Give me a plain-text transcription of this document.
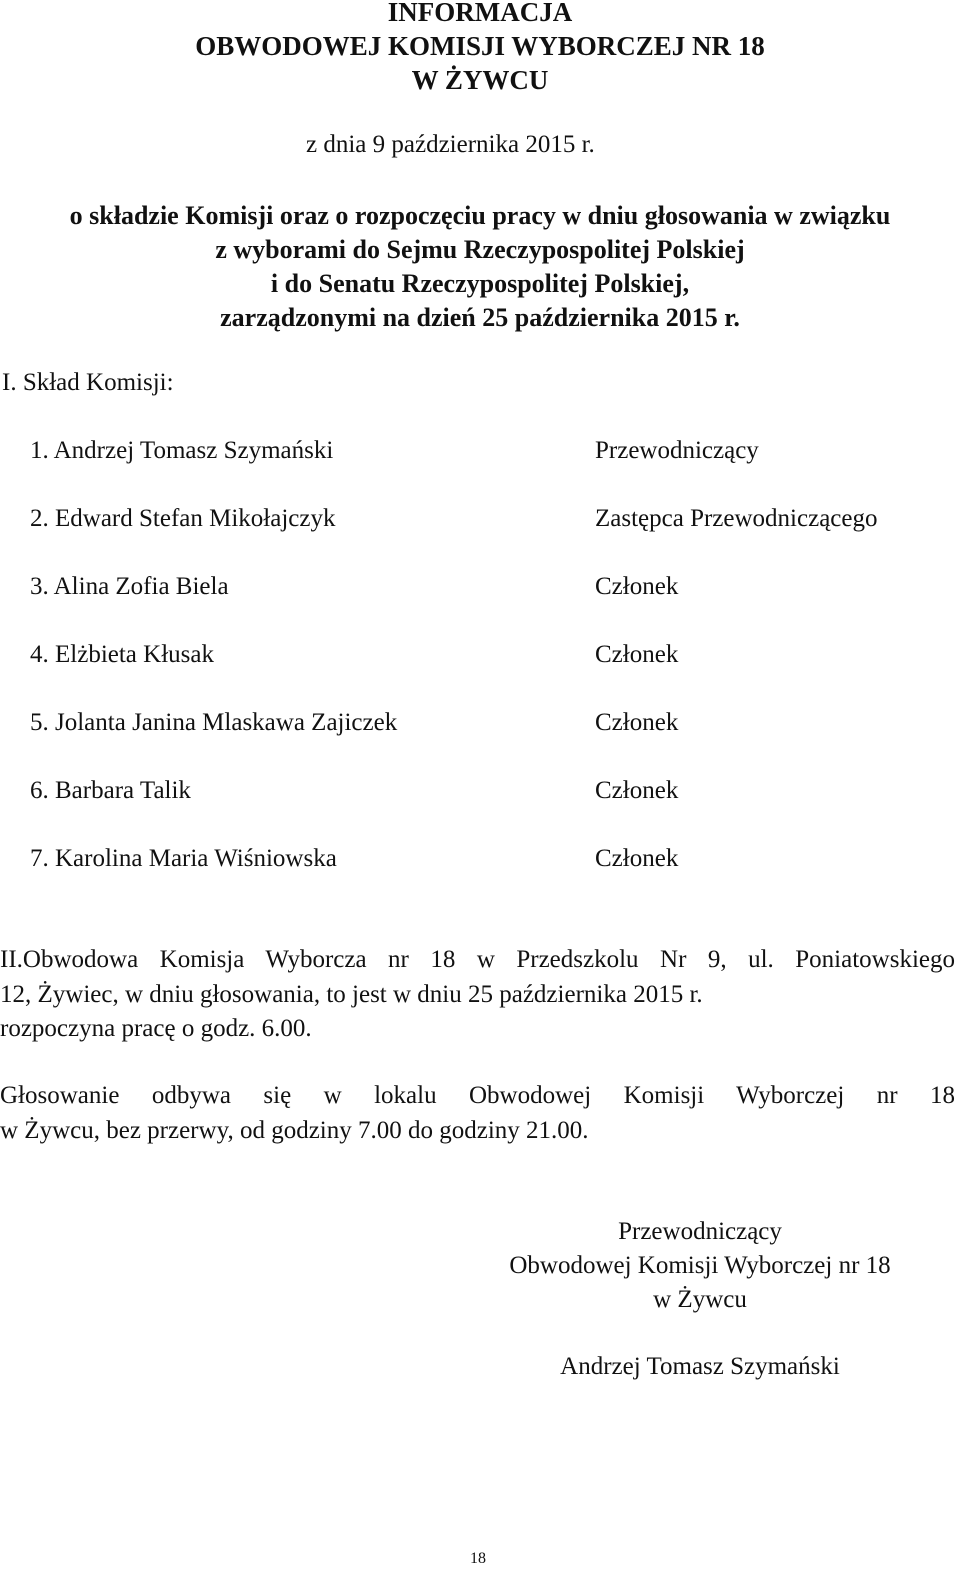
INFORMACJA
OBWODOWEJ KOMISJI WYBORCZEJ NR 18
W ŻYWCU
z dnia 9 października 2015 r.
o składzie Komisji oraz o rozpoczęciu pracy w dniu głosowania w związku
z wyborami do Sejmu Rzeczypospolitej Polskiej
i do Senatu Rzeczypospolitej Polskiej,
zarządzonymi na dzień 25 października 2015 r.
I. Skład Komisji:
1. Andrzej Tomasz Szymański	Przewodniczący
2. Edward Stefan Mikołajczyk	Zastępca Przewodniczącego
3. Alina Zofia Biela	Członek
4. Elżbieta Kłusak	Członek
5. Jolanta Janina Mlaskawa Zajiczek	Członek
6. Barbara Talik	Członek
7. Karolina Maria Wiśniowska	Członek
II.Obwodowa Komisja Wyborcza nr 18 w Przedszkolu Nr 9, ul. Poniatowskiego
12, Żywiec, w dniu głosowania, to jest w dniu 25 października 2015 r.
rozpoczyna pracę o godz. 6.00.
Głosowanie odbywa się w lokalu Obwodowej Komisji Wyborczej nr 18
w Żywcu, bez przerwy, od godziny 7.00 do godziny 21.00.
Przewodniczący
Obwodowej Komisji Wyborczej nr 18
w Żywcu
Andrzej Tomasz Szymański
18
